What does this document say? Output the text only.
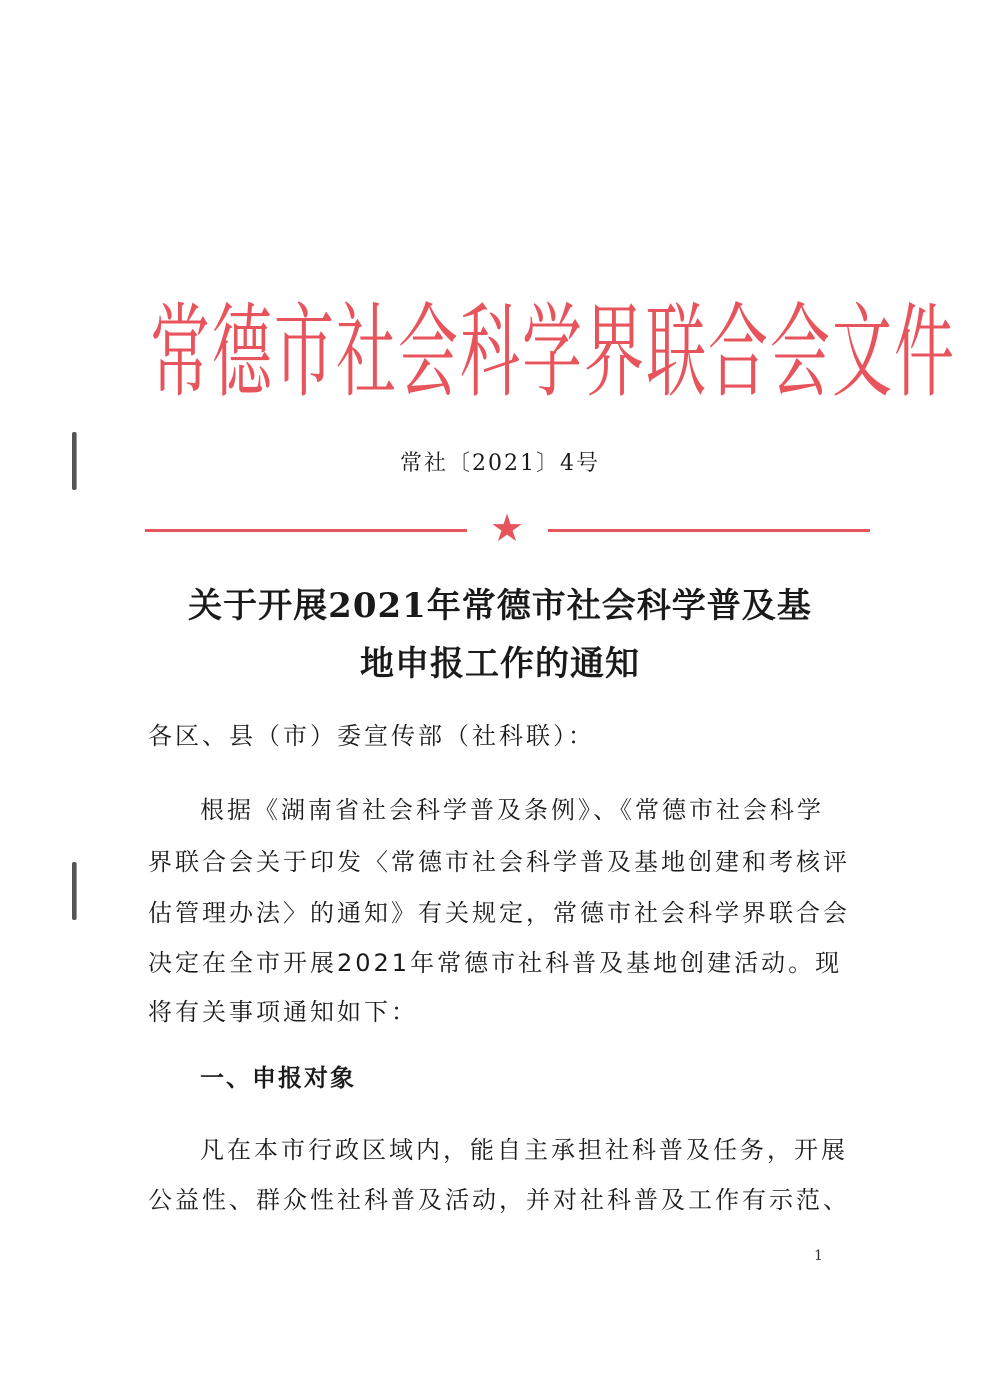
常德市社会科学界联合会文件
常社〔2021〕4号
★
关于开展2021年常德市社会科学普及基
地申报工作的通知
各区、县（市）委宣传部（社科联）：
根据《湖南省社会科学普及条例》、《常德市社会科学
界联合会关于印发〈常德市社会科学普及基地创建和考核评
估管理办法〉的通知》有关规定，常德市社会科学界联合会
决定在全市开展2021年常德市社科普及基地创建活动。现
将有关事项通知如下：
一、申报对象
凡在本市行政区域内，能自主承担社科普及任务，开展
公益性、群众性社科普及活动，并对社科普及工作有示范、
1
